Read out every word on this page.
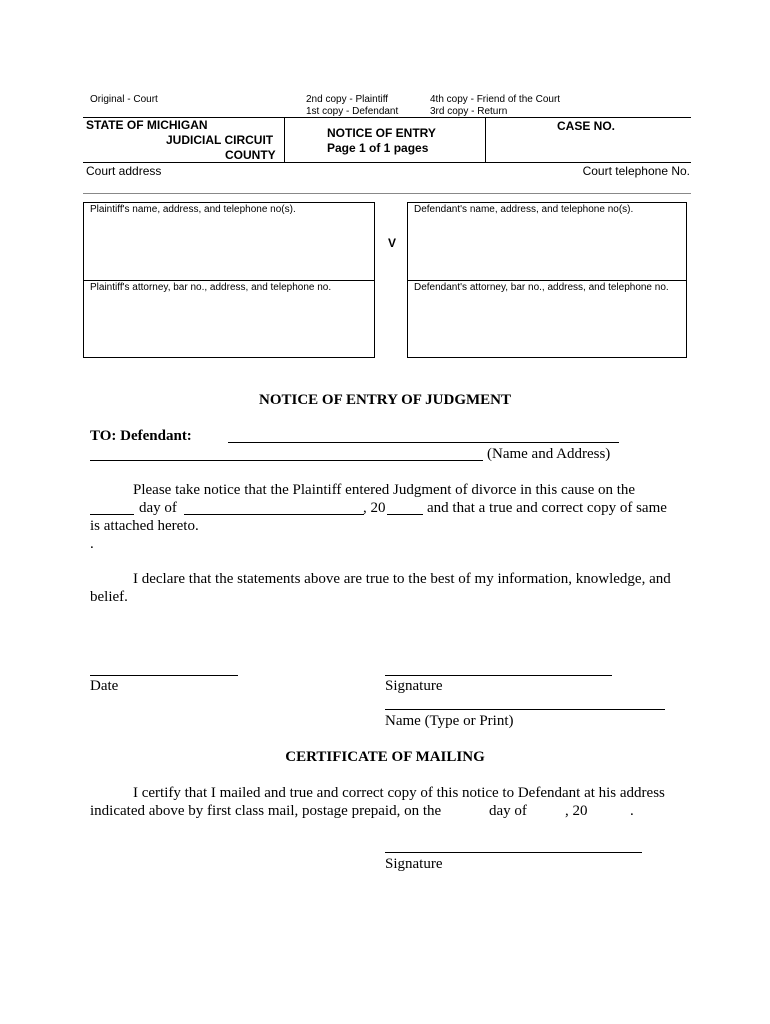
Original - Court	2nd copy - Plaintiff
1st copy - Defendant
4th copy - Friend of the Court
3rd copy - Return
STATE OF MICHIGAN
JUDICIAL CIRCUIT
COUNTY
NOTICE OF ENTRY
Page 1 of 1 pages
CASE NO.
Court address	Court telephone No.
Plaintiff's name, address, and telephone no(s).
Plaintiff's attorney, bar no., address, and telephone no.
V
Defendant's name, address, and telephone no(s).
Defendant's attorney, bar no., address, and telephone no.
NOTICE OF ENTRY OF JUDGMENT
TO: Defendant:
(Name and Address)
Please take notice that the Plaintiff entered Judgment of divorce in this cause on the
day of	, 20	and that a true and correct copy of same
is attached hereto.
.
I declare that the statements above are true to the best of my information, knowledge, and
belief.
Date	Signature
Name (Type or Print)
CERTIFICATE OF MAILING
I certify that I mailed and true and correct copy of this notice to Defendant at his address
indicated above by first class mail, postage prepaid, on the	day of	, 20	.
Signature
